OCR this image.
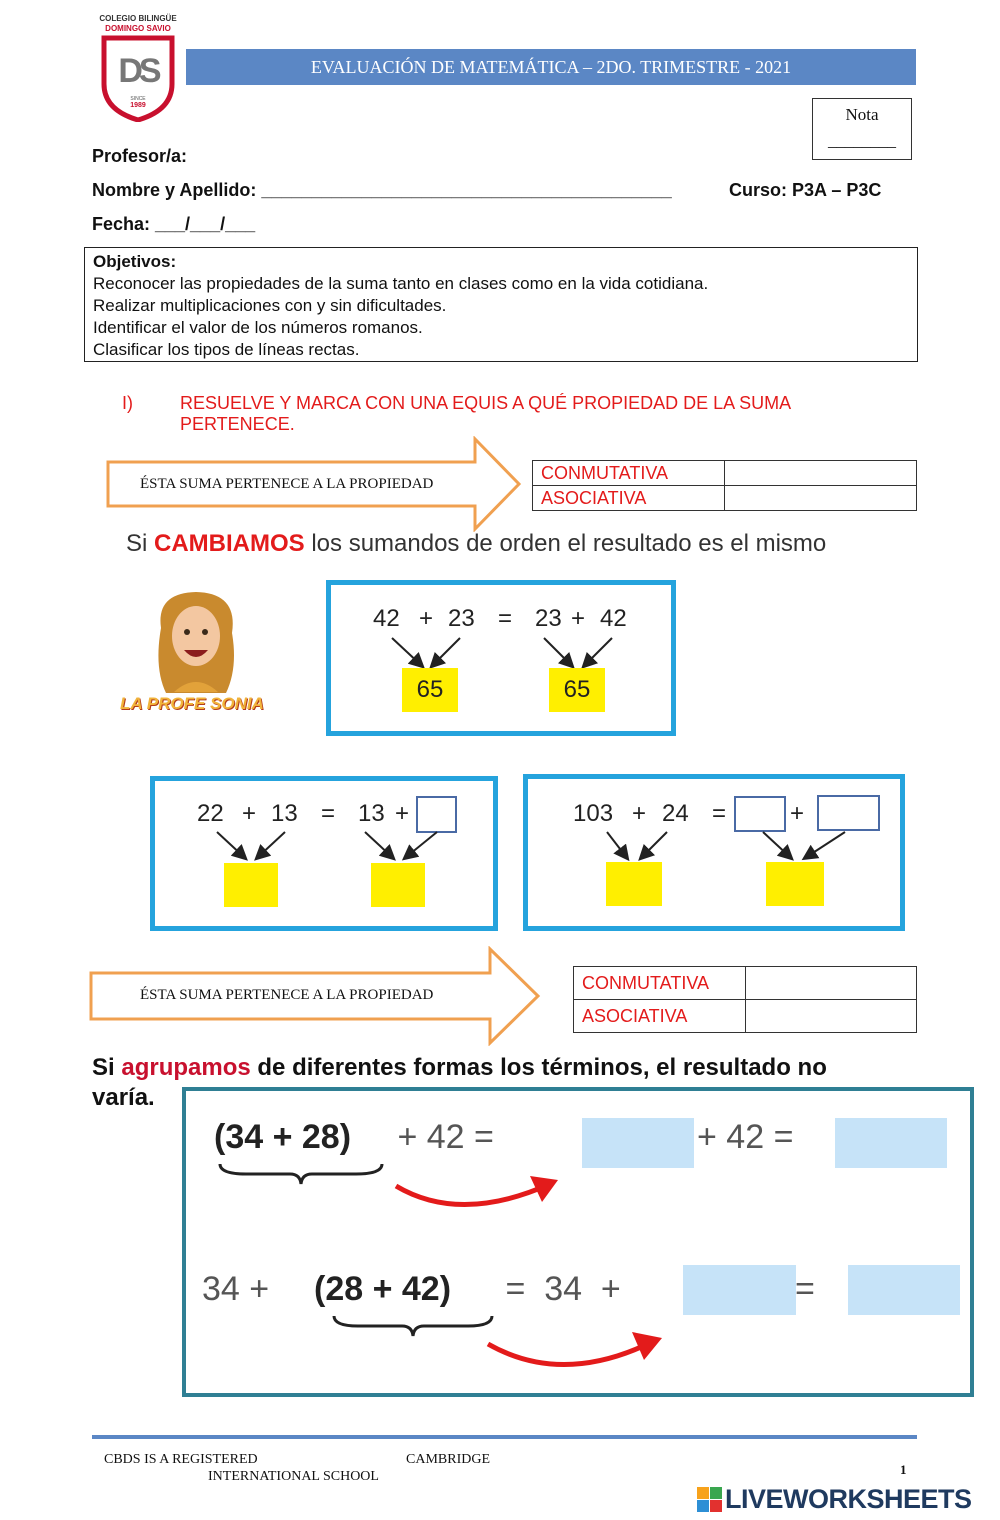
COLEGIO BILINGÜE
DOMINGO SAVIO
DS
SINCE
1989
EVALUACIÓN DE MATEMÁTICA – 2DO. TRIMESTRE - 2021
Nota
________
Profesor/a:
Nombre y Apellido: _________________________________________	Curso: P3A – P3C
Fecha: ___/___/___
Objetivos:
Reconocer las propiedades de la suma tanto en clases como en la vida cotidiana.
Realizar multiplicaciones con y sin dificultades.
Identificar el valor de los números romanos.
Clasificar los tipos de líneas rectas.
I)	RESUELVE Y MARCA CON UNA EQUIS A QUÉ PROPIEDAD DE LA SUMA
PERTENECE.
ÉSTA SUMA PERTENECE A LA PROPIEDAD
CONMUTATIVA	
ASOCIATIVA	
Si CAMBIAMOS los sumandos de orden el resultado es el mismo
LA PROFE SONIA
42 + 23 = 23 + 42
65	65
22 + 13 = 13 +	103 + 24 =	+
ÉSTA SUMA PERTENECE A LA PROPIEDAD
CONMUTATIVA	
ASOCIATIVA	
Si agrupamos de diferentes formas los términos, el resultado no
varía.
(34 + 28) + 42 =	+ 42 =
34 + (28 + 42) =  34  +	=
CBDS IS A REGISTERED
INTERNATIONAL SCHOOL
CAMBRIDGE
1
LIVEWORKSHEETS
